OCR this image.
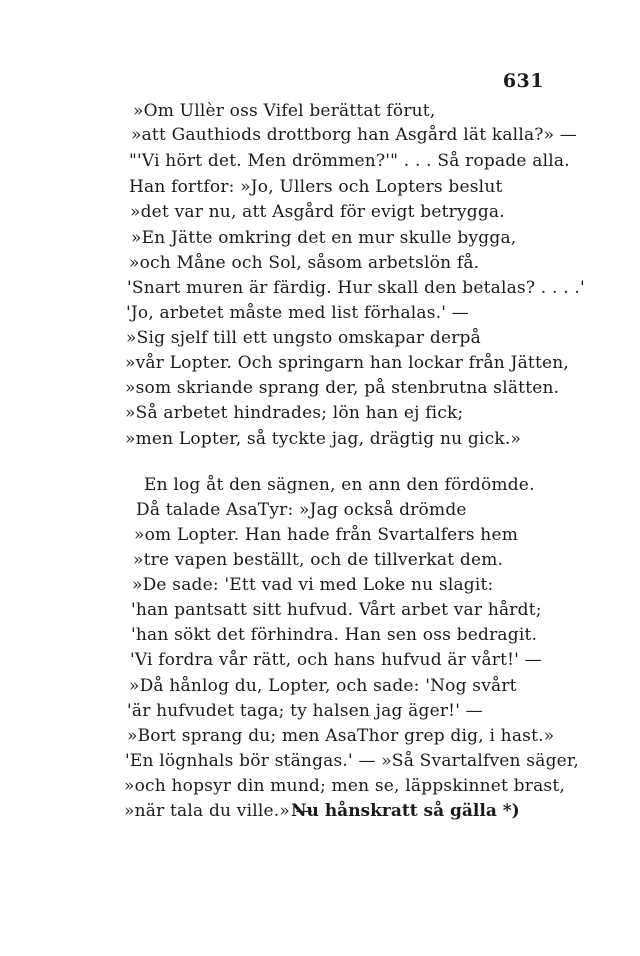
631
»Om Ullèr oss Vifel berättat förut,
»att Gauthiods drottborg han Asgård lät kalla?» —
"'Vi hört det. Men drömmen?'" . . . Så ropade alla.
Han fortfor: »Jo, Ullers och Lopters beslut
»det var nu, att Asgård för evigt betrygga.
»En Jätte omkring det en mur skulle bygga,
»och Måne och Sol, såsom arbetslön få.
'Snart muren är färdig. Hur skall den betalas? . . . .'
'Jo, arbetet måste med list förhalas.' —
»Sig sjelf till ett ungsto omskapar derpå
»vår Lopter. Och springarn han lockar från Jätten,
»som skriande sprang der, på stenbrutna slätten.
»Så arbetet hindrades; lön han ej fick;
»men Lopter, så tyckte jag, drägtig nu gick.»
En log åt den sägnen, en ann den fördömde.
Då talade AsaTyr: »Jag också drömde
»om Lopter. Han hade från Svartalfers hem
»tre vapen beställt, och de tillverkat dem.
»De sade: 'Ett vad vi med Loke nu slagit:
'han pantsatt sitt hufvud. Vårt arbet var hårdt;
'han sökt det förhindra. Han sen oss bedragit.
'Vi fordra vår rätt, och hans hufvud är vårt!' —
»Då hånlog du, Lopter, och sade: 'Nog svårt
'är hufvudet taga; ty halsen jag äger!' —
»Bort sprang du; men AsaThor grep dig, i hast.»
'En lögnhals bör stängas.' — »Så Svartalfven säger,
»och hopsyr din mund; men se, läppskinnet brast,
»när tala du ville.» —
Nu hånskratt så gälla *)
